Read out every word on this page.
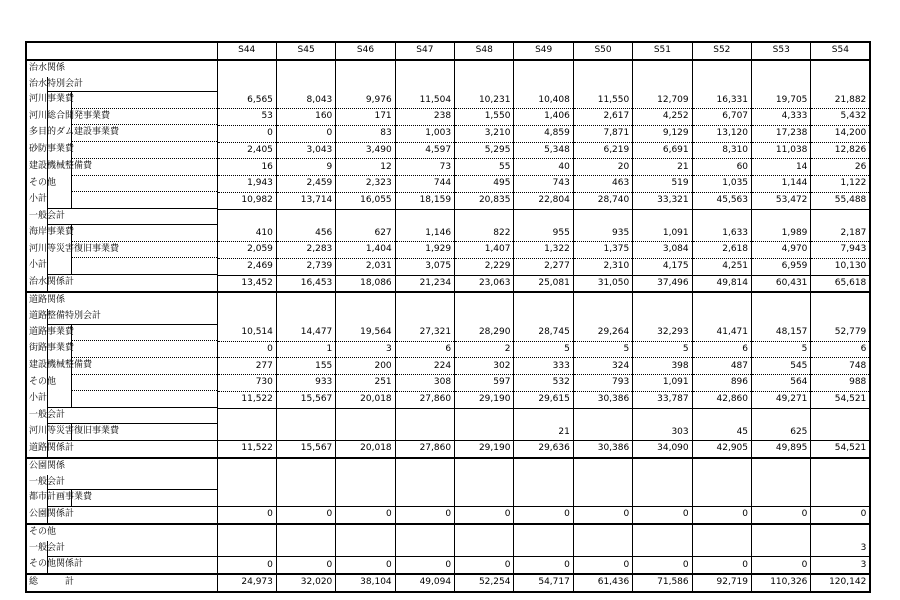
	S44	S45	S46	S47	S48	S49	S50	S51	S52	S53	S54

治水関係											

治水特別会計											

河川事業費	6,565	8,043	9,976	11,504	10,231	10,408	11,550	12,709	16,331	19,705	21,882

河川総合開発事業費	53	160	171	238	1,550	1,406	2,617	4,252	6,707	4,333	5,432

多目的ダム建設事業費	0	0	83	1,003	3,210	4,859	7,871	9,129	13,120	17,238	14,200

砂防事業費	2,405	3,043	3,490	4,597	5,295	5,348	6,219	6,691	8,310	11,038	12,826

建設機械整備費	16	9	12	73	55	40	20	21	60	14	26

その他	1,943	2,459	2,323	744	495	743	463	519	1,035	1,144	1,122

小計	10,982	13,714	16,055	18,159	20,835	22,804	28,740	33,321	45,563	53,472	55,488

一般会計											

海岸事業費	410	456	627	1,146	822	955	935	1,091	1,633	1,989	2,187

河川等災害復旧事業費	2,059	2,283	1,404	1,929	1,407	1,322	1,375	3,084	2,618	4,970	7,943

小計	2,469	2,739	2,031	3,075	2,229	2,277	2,310	4,175	4,251	6,959	10,130

治水関係計	13,452	16,453	18,086	21,234	23,063	25,081	31,050	37,496	49,814	60,431	65,618

道路関係											

道路整備特別会計											

道路事業費	10,514	14,477	19,564	27,321	28,290	28,745	29,264	32,293	41,471	48,157	52,779

街路事業費	0	1	3	6	2	5	5	5	6	5	6

建設機械整備費	277	155	200	224	302	333	324	398	487	545	748

その他	730	933	251	308	597	532	793	1,091	896	564	988

小計	11,522	15,567	20,018	27,860	29,190	29,615	30,386	33,787	42,860	49,271	54,521

一般会計											

河川等災害復旧事業費						21		303	45	625	

道路関係計	11,522	15,567	20,018	27,860	29,190	29,636	30,386	34,090	42,905	49,895	54,521

公園関係											

一般会計											

都市計画事業費											

公園関係計	0	0	0	0	0	0	0	0	0	0	0

その他											

一般会計											3

その他関係計	0	0	0	0	0	0	0	0	0	0	3

総　　　計	24,973	32,020	38,104	49,094	52,254	54,717	61,436	71,586	92,719	110,326	120,142
